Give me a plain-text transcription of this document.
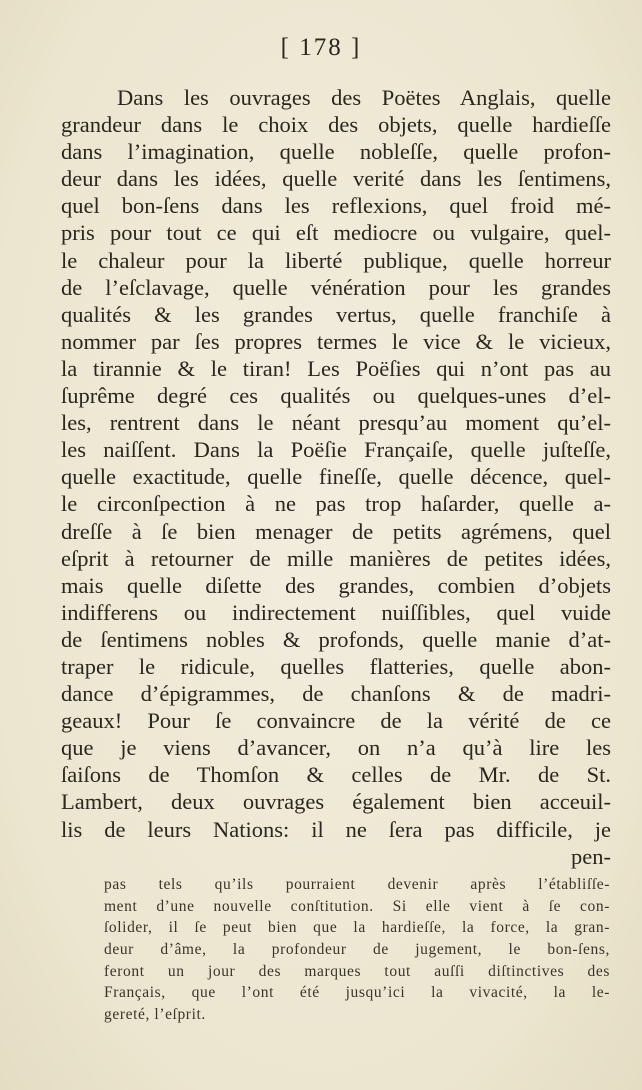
[ 178 ]
Dans les ouvrages des Poëtes Anglais, quelle
grandeur dans le choix des objets, quelle hardieſſe
dans l’imagination, quelle nobleſſe, quelle profon-
deur dans les idées, quelle verité dans les ſentimens,
quel bon-ſens dans les reflexions, quel froid mé-
pris pour tout ce qui eſt mediocre ou vulgaire, quel-
le chaleur pour la liberté publique, quelle horreur
de l’eſclavage, quelle vénération pour les grandes
qualités & les grandes vertus, quelle franchiſe à
nommer par ſes propres termes le vice & le vicieux,
la tirannie & le tiran! Les Poëſies qui n’ont pas au
ſuprême degré ces qualités ou quelques-unes d’el-
les, rentrent dans le néant presqu’au moment qu’el-
les naiſſent. Dans la Poëſie Françaiſe, quelle juſteſſe,
quelle exactitude, quelle fineſſe, quelle décence, quel-
le circonſpection à ne pas trop haſarder, quelle a-
dreſſe à ſe bien menager de petits agrémens, quel
eſprit à retourner de mille manières de petites idées,
mais quelle diſette des grandes, combien d’objets
indifferens ou indirectement nuiſſibles, quel vuide
de ſentimens nobles & profonds, quelle manie d’at-
traper le ridicule, quelles flatteries, quelle abon-
dance d’épigrammes, de chanſons & de madri-
geaux! Pour ſe convaincre de la vérité de ce
que je viens d’avancer, on n’a qu’à lire les
ſaiſons de Thomſon & celles de Mr. de St.
Lambert, deux ouvrages également bien acceuil-
lis de leurs Nations: il ne ſera pas difficile, je
pen-
pas tels qu’ils pourraient devenir après l’établiſſe-
ment d’une nouvelle conſtitution. Si elle vient à ſe con-
ſolider, il ſe peut bien que la hardieſſe, la force, la gran-
deur d’âme, la profondeur de jugement, le bon-ſens,
feront un jour des marques tout auſſi diſtinctives des
Français, que l’ont été jusqu’ici la vivacité, la le-
gereté, l’eſprit.
